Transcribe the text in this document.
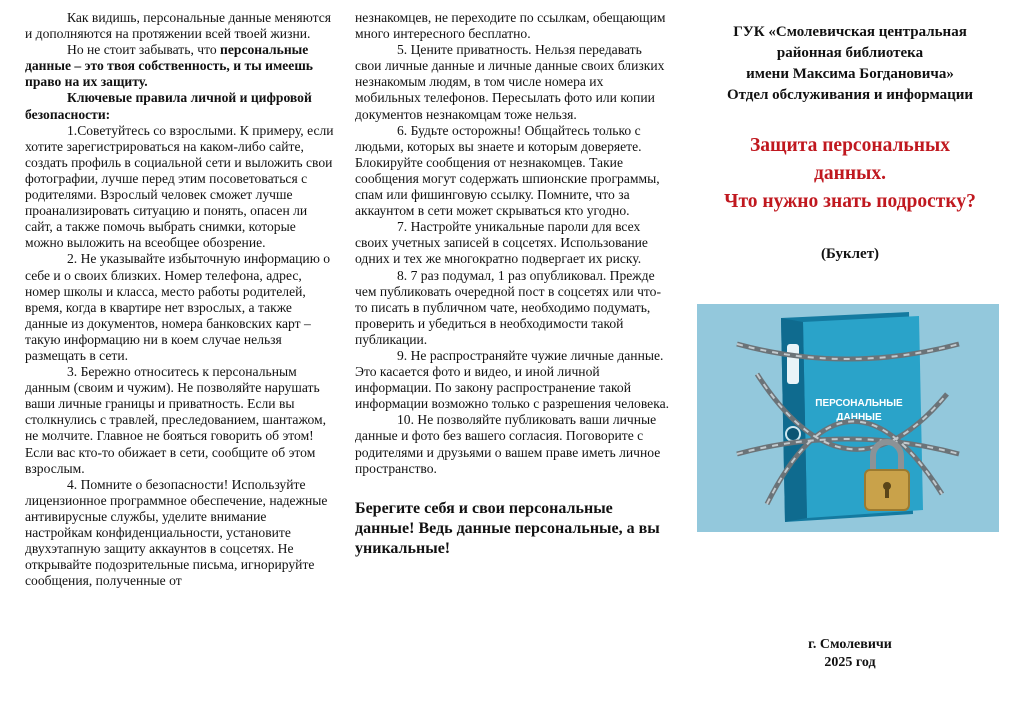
Как видишь, персональные данные меняются и дополняются на протяжении всей твоей жизни.

Но не стоит забывать, что персональные данные – это твоя собственность, и ты имеешь право на их защиту.

Ключевые правила личной и цифровой безопасности:

1.Советуйтесь со взрослыми. К примеру, если хотите зарегистрироваться на каком-либо сайте, создать профиль в социальной сети и выложить свои фотографии, лучше перед этим посоветоваться с родителями. Взрослый человек сможет лучше проанализировать ситуацию и понять, опасен ли сайт, а также помочь выбрать снимки, которые можно выложить на всеобщее обозрение.

2. Не указывайте избыточную информацию о себе и о своих близких. Номер телефона, адрес, номер школы и класса, место работы родителей, время, когда в квартире нет взрослых, а также данные из документов, номера банковских карт – такую информацию ни в коем случае нельзя размещать в сети.

3. Бережно относитесь к персональным данным (своим и чужим). Не позволяйте нарушать ваши личные границы и приватность. Если вы столкнулись с травлей, преследованием, шантажом, не молчите. Главное не бояться говорить об этом! Если вас кто-то обижает в сети, сообщите об этом взрослым.

4. Помните о безопасности! Используйте лицензионное программное обеспечение, надежные антивирусные службы, уделите внимание настройкам конфиденциальности, установите двухэтапную защиту аккаунтов в соцсетях. Не открывайте подозрительные письма, игнорируйте сообщения, полученные от

незнакомцев, не переходите по ссылкам, обещающим много интересного бесплатно.

5. Цените приватность. Нельзя передавать свои личные данные и личные данные своих близких незнакомым людям, в том числе номера их мобильных телефонов. Пересылать фото или копии документов незнакомцам тоже нельзя.

6. Будьте осторожны! Общайтесь только с людьми, которых вы знаете и которым доверяете. Блокируйте сообщения от незнакомцев. Такие сообщения могут содержать шпионские программы, спам или фишинговую ссылку. Помните, что за аккаунтом в сети может скрываться кто угодно.

7. Настройте уникальные пароли для всех своих учетных записей в соцсетях. Использование одних и тех же многократно подвергает их риску.

8. 7 раз подумал, 1 раз опубликовал. Прежде чем публиковать очередной пост в соцсетях или что-то писать в публичном чате, необходимо подумать, проверить и убедиться в необходимости такой публикации.

9. Не распространяйте чужие личные данные. Это касается фото и видео, и иной личной информации. По закону распространение такой информации возможно только с разрешения человека.

10. Не позволяйте публиковать ваши личные данные и фото без вашего согласия. Поговорите с родителями и друзьями о вашем праве иметь личное пространство.

Берегите себя и свои персональные данные! Ведь данные персональные, а вы уникальные!

ГУК «Смолевичская центральная
районная библиотека
имени Максима Богдановича»
Отдел обслуживания и информации
Защита персональных
данных.
Что нужно знать подростку?
(Буклет)
ПЕРСОНАЛЬНЫЕ
ДАННЫЕ
г. Смолевичи
2025 год
